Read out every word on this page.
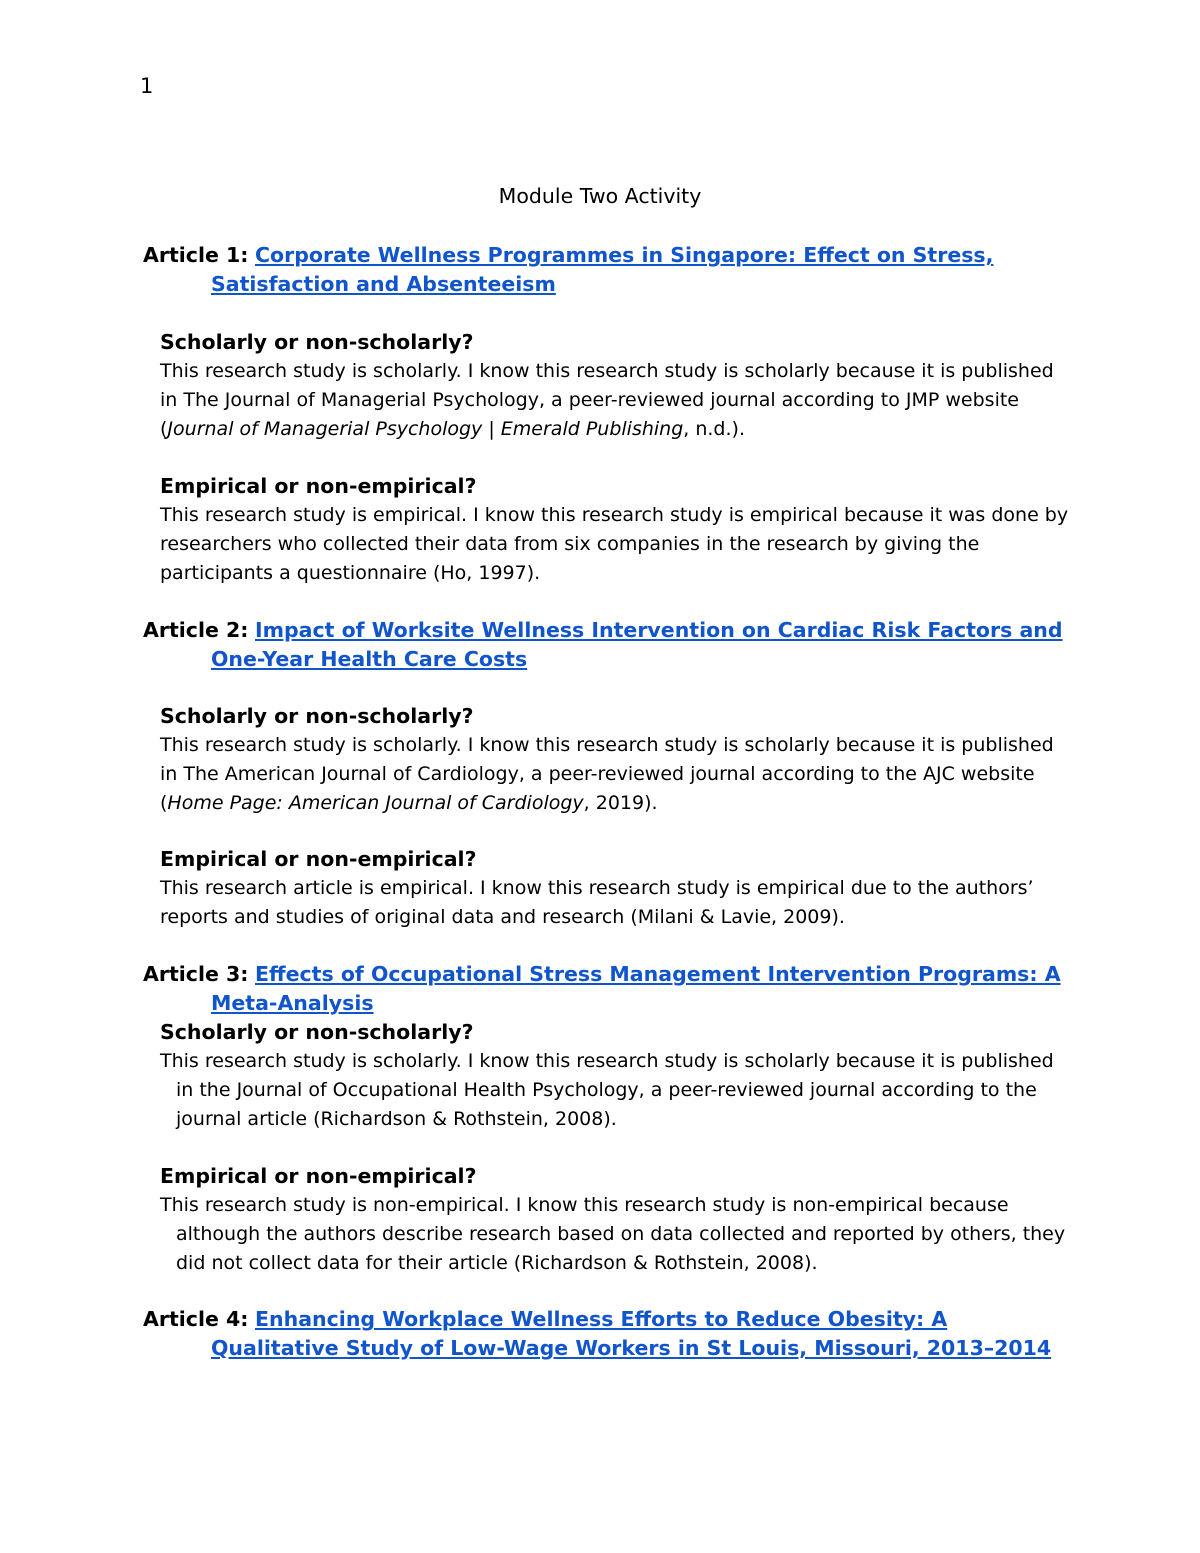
1
Module Two Activity
Article 1: Corporate Wellness Programmes in Singapore: Effect on Stress, Satisfaction and Absenteeism
Scholarly or non-scholarly?
This research study is scholarly. I know this research study is scholarly because it is published in The Journal of Managerial Psychology, a peer-reviewed journal according to JMP website (Journal of Managerial Psychology | Emerald Publishing, n.d.).
Empirical or non-empirical?
This research study is empirical. I know this research study is empirical because it was done by researchers who collected their data from six companies in the research by giving the participants a questionnaire (Ho, 1997).
Article 2: Impact of Worksite Wellness Intervention on Cardiac Risk Factors and One-Year Health Care Costs
Scholarly or non-scholarly?
This research study is scholarly. I know this research study is scholarly because it is published in The American Journal of Cardiology, a peer-reviewed journal according to the AJC website (Home Page: American Journal of Cardiology, 2019).
Empirical or non-empirical?
This research article is empirical. I know this research study is empirical due to the authors’ reports and studies of original data and research (Milani & Lavie, 2009).
Article 3: Effects of Occupational Stress Management Intervention Programs: A Meta-Analysis
Scholarly or non-scholarly?
This research study is scholarly. I know this research study is scholarly because it is published in the Journal of Occupational Health Psychology, a peer-reviewed journal according to the journal article (Richardson & Rothstein, 2008).
Empirical or non-empirical?
This research study is non-empirical. I know this research study is non-empirical because although the authors describe research based on data collected and reported by others, they did not collect data for their article (Richardson & Rothstein, 2008).
Article 4: Enhancing Workplace Wellness Efforts to Reduce Obesity: A Qualitative Study of Low-Wage Workers in St Louis, Missouri, 2013–2014
